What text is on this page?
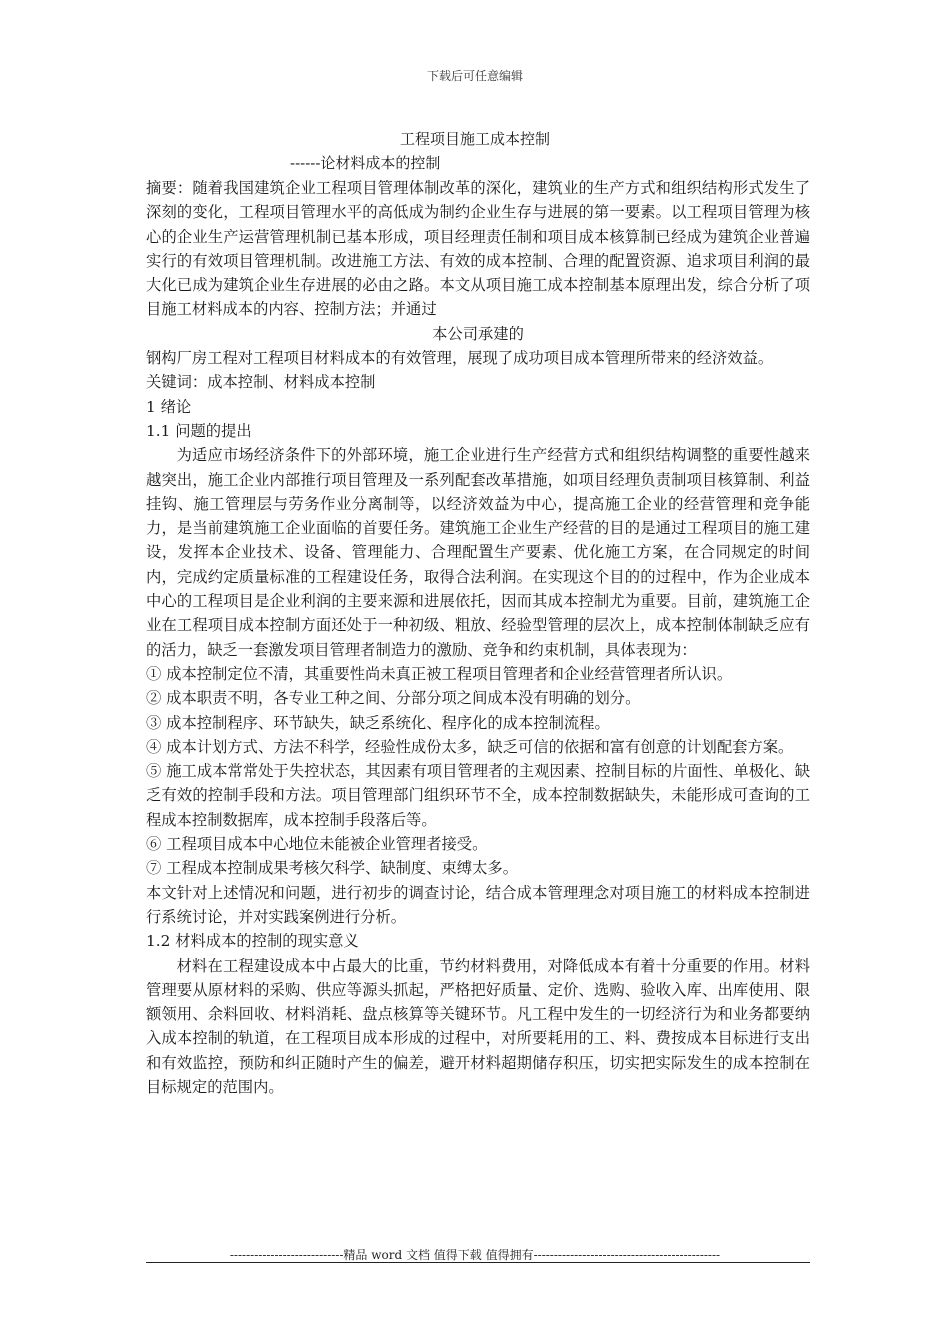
下载后可任意编辑
工程项目施工成本控制
------论材料成本的控制

摘要：随着我国建筑企业工程项目管理体制改革的深化，建筑业的生产方式和组织结构形式发生了深刻的变化，工程项目管理水平的高低成为制约企业生存与进展的第一要素。以工程项目管理为核心的企业生产运营管理机制已基本形成，项目经理责任制和项目成本核算制已经成为建筑企业普遍实行的有效项目管理机制。改进施工方法、有效的成本控制、合理的配置资源、追求项目利润的最大化已成为建筑企业生存进展的必由之路。本文从项目施工成本控制基本原理出发，综合分析了项目施工材料成本的内容、控制方法；并通过

本公司承建的

钢构厂房工程对工程项目材料成本的有效管理，展现了成功项目成本管理所带来的经济效益。

关键词：成本控制、材料成本控制

1 绪论

1.1 问题的提出

为适应市场经济条件下的外部环境，施工企业进行生产经营方式和组织结构调整的重要性越来越突出，施工企业内部推行项目管理及一系列配套改革措施，如项目经理负责制项目核算制、利益挂钩、施工管理层与劳务作业分离制等，以经济效益为中心，提高施工企业的经营管理和竞争能力，是当前建筑施工企业面临的首要任务。建筑施工企业生产经营的目的是通过工程项目的施工建设，发挥本企业技术、设备、管理能力、合理配置生产要素、优化施工方案，在合同规定的时间内，完成约定质量标准的工程建设任务，取得合法利润。在实现这个目的的过程中，作为企业成本中心的工程项目是企业利润的主要来源和进展依托，因而其成本控制尤为重要。目前，建筑施工企业在工程项目成本控制方面还处于一种初级、粗放、经验型管理的层次上，成本控制体制缺乏应有的活力，缺乏一套激发项目管理者制造力的激励、竞争和约束机制，具体表现为：

① 成本控制定位不清，其重要性尚未真正被工程项目管理者和企业经营管理者所认识。

② 成本职责不明，各专业工种之间、分部分项之间成本没有明确的划分。

③ 成本控制程序、环节缺失，缺乏系统化、程序化的成本控制流程。

④ 成本计划方式、方法不科学，经验性成份太多，缺乏可信的依据和富有创意的计划配套方案。

⑤ 施工成本常常处于失控状态，其因素有项目管理者的主观因素、控制目标的片面性、单极化、缺乏有效的控制手段和方法。项目管理部门组织环节不全，成本控制数据缺失，未能形成可查询的工程成本控制数据库，成本控制手段落后等。

⑥ 工程项目成本中心地位未能被企业管理者接受。

⑦ 工程成本控制成果考核欠科学、缺制度、束缚太多。

本文针对上述情况和问题，进行初步的调查讨论，结合成本管理理念对项目施工的材料成本控制进行系统讨论，并对实践案例进行分析。

1.2 材料成本的控制的现实意义

材料在工程建设成本中占最大的比重，节约材料费用，对降低成本有着十分重要的作用。材料管理要从原材料的采购、供应等源头抓起，严格把好质量、定价、选购、验收入库、出库使用、限额领用、余料回收、材料消耗、盘点核算等关键环节。凡工程中发生的一切经济行为和业务都要纳入成本控制的轨道，在工程项目成本形成的过程中，对所要耗用的工、料、费按成本目标进行支出和有效监控，预防和纠正随时产生的偏差，避开材料超期储存积压，切实把实际发生的成本控制在目标规定的范围内。

----------------------------精品 word 文档 值得下载 值得拥有----------------------------------------------
